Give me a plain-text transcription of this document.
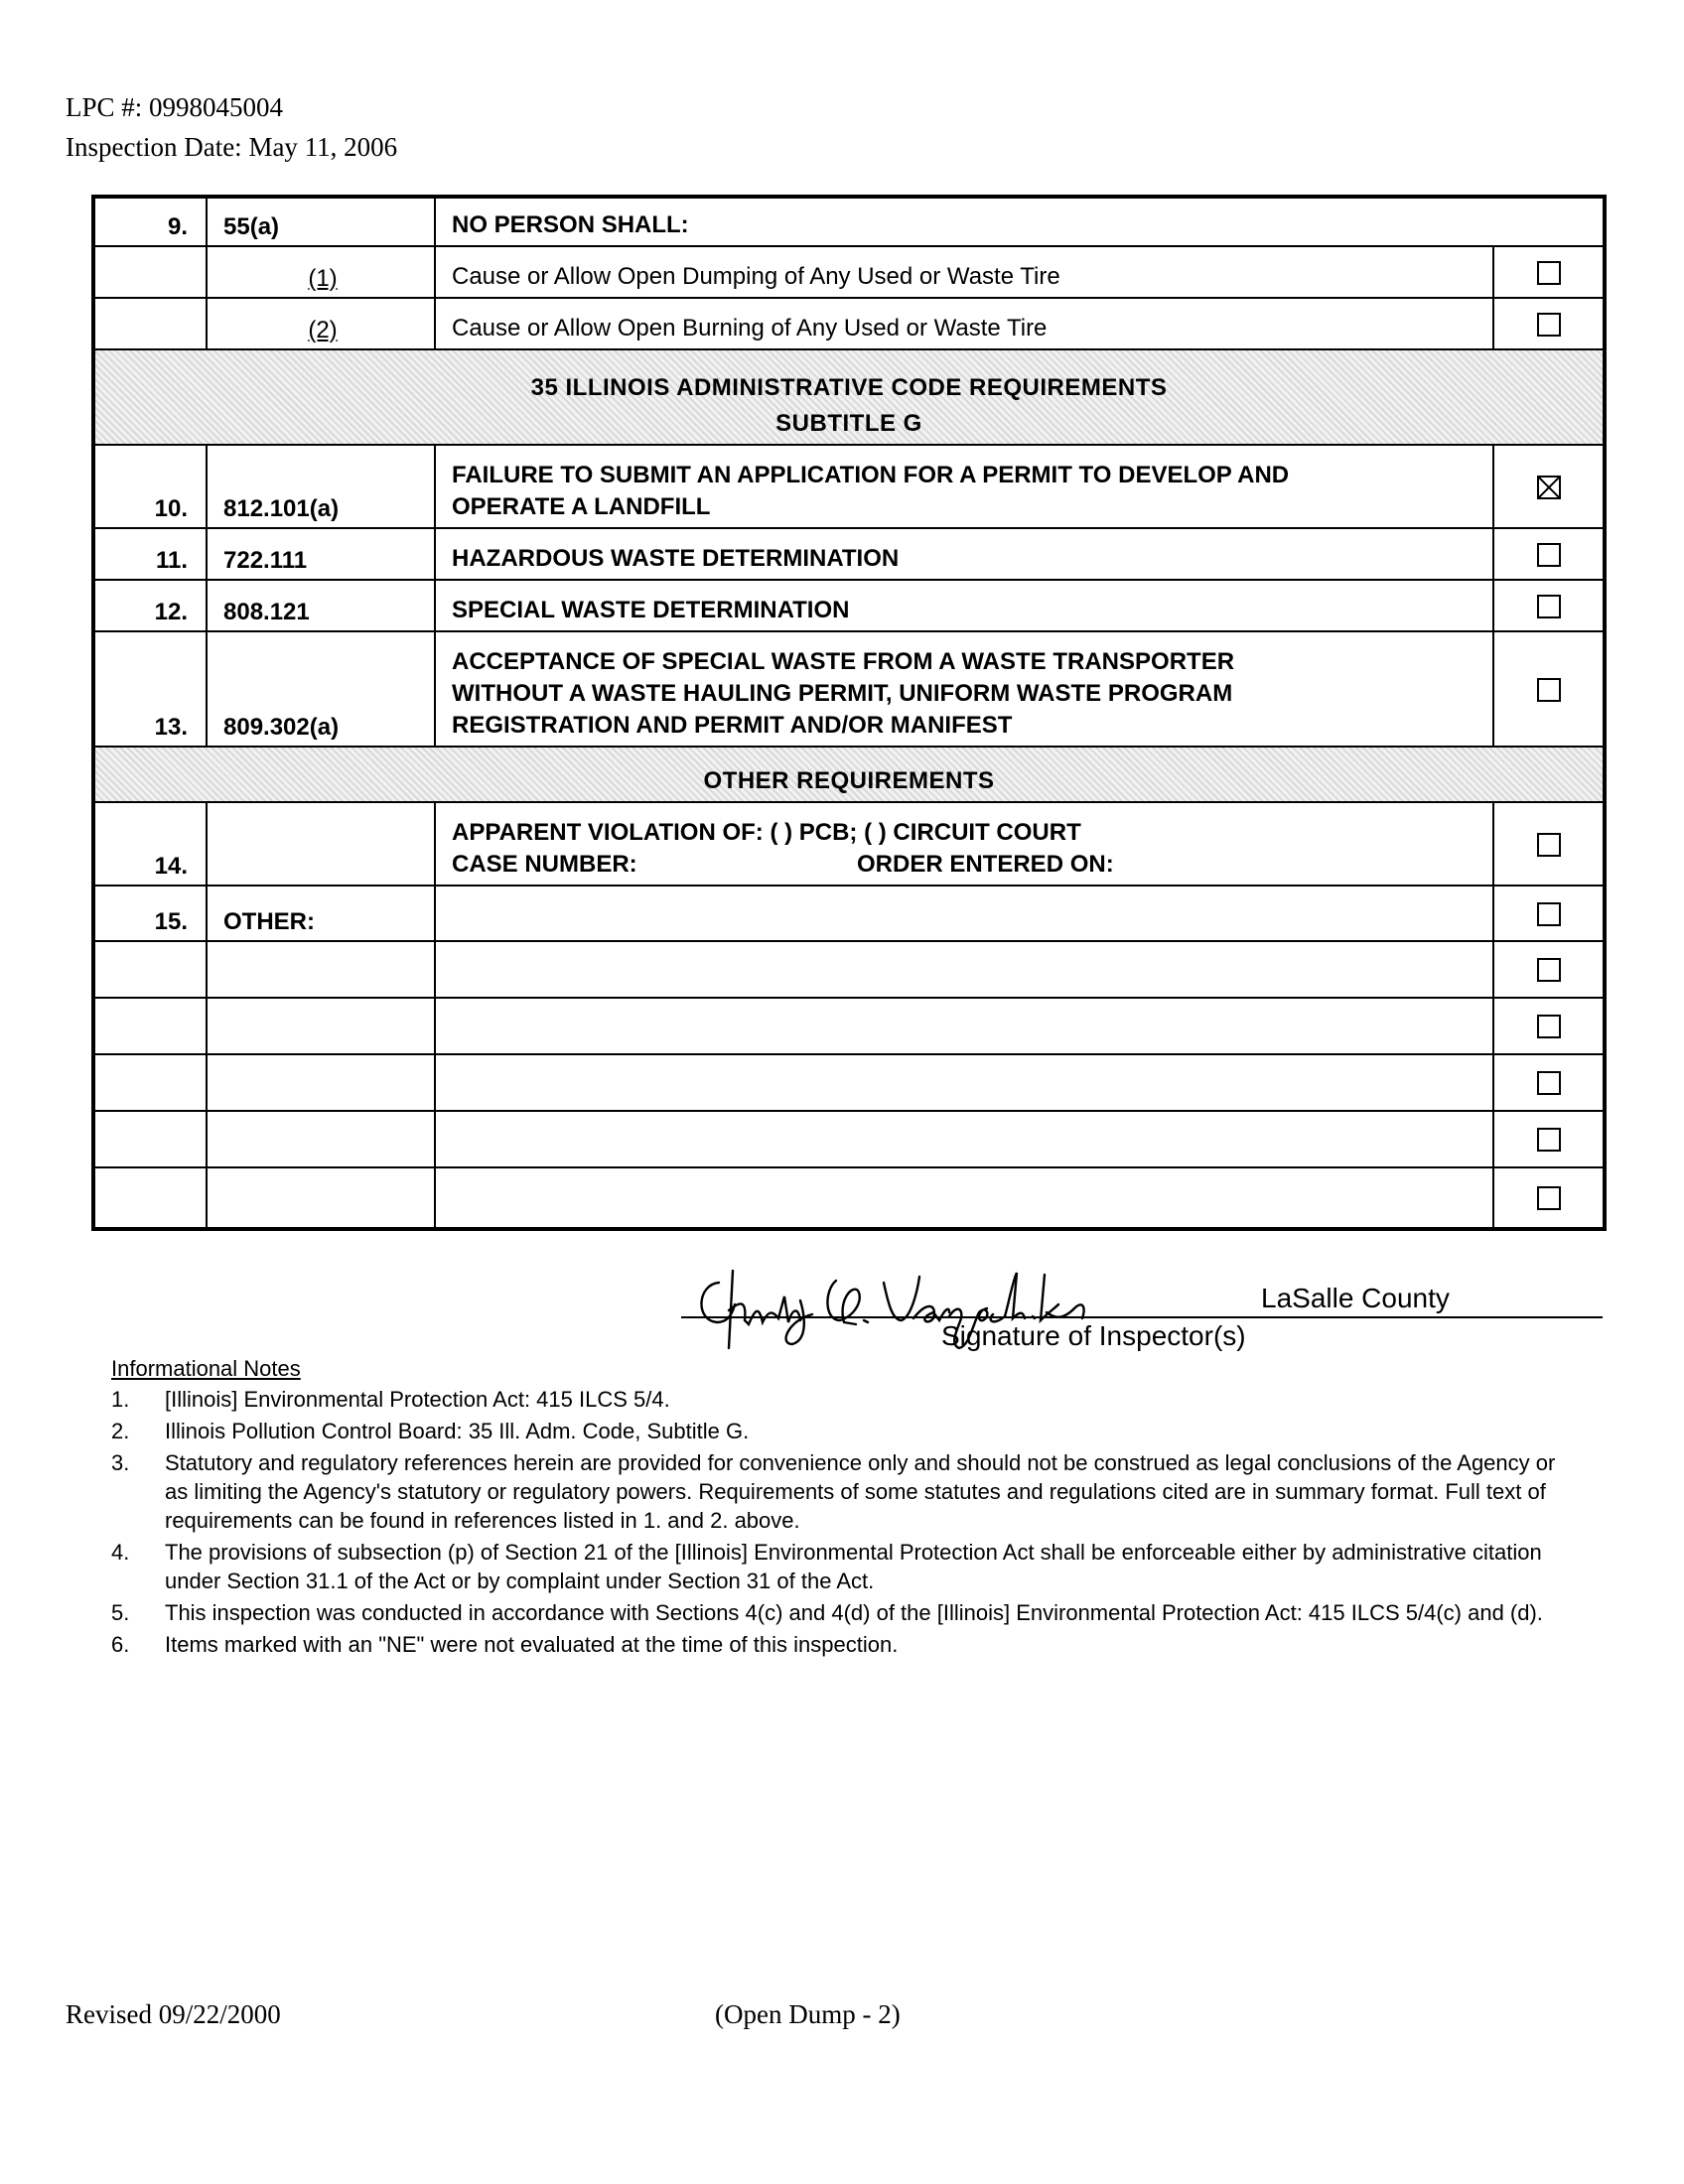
LPC #: 0998045004
Inspection Date: May 11, 2006
9.	55(a)	NO PERSON SHALL:	
	(1)	Cause or Allow Open Dumping of Any Used or Waste Tire	
	(2)	Cause or Allow Open Burning of Any Used or Waste Tire	

35 ILLINOIS ADMINISTRATIVE CODE REQUIREMENTS
SUBTITLE G			

10.	812.101(a)	FAILURE TO SUBMIT AN APPLICATION FOR A PERMIT TO DEVELOP AND
OPERATE A LANDFILL	

11.	722.111	HAZARDOUS WASTE DETERMINATION	
12.	808.121	SPECIAL WASTE DETERMINATION	
13.	809.302(a)	ACCEPTANCE OF SPECIAL WASTE FROM A WASTE TRANSPORTER
WITHOUT A WASTE HAULING PERMIT, UNIFORM WASTE PROGRAM
REGISTRATION AND PERMIT AND/OR MANIFEST	

OTHER REQUIREMENTS			
14.		APPARENT VIOLATION OF: ( ) PCB; ( ) CIRCUIT COURT
CASE NUMBER: ORDER ENTERED ON:	

15.	OTHER:		

LaSalle County
Signature of Inspector(s)
Informational Notes
1. [Illinois] Environmental Protection Act: 415 ILCS 5/4.
2. Illinois Pollution Control Board: 35 Ill. Adm. Code, Subtitle G.
3. Statutory and regulatory references herein are provided for convenience only and should not be construed as legal conclusions of the Agency or as limiting the Agency's statutory or regulatory powers. Requirements of some statutes and regulations cited are in summary format. Full text of requirements can be found in references listed in 1. and 2. above.
4. The provisions of subsection (p) of Section 21 of the [Illinois] Environmental Protection Act shall be enforceable either by administrative citation under Section 31.1 of the Act or by complaint under Section 31 of the Act.
5. This inspection was conducted in accordance with Sections 4(c) and 4(d) of the [Illinois] Environmental Protection Act: 415 ILCS 5/4(c) and (d).
6. Items marked with an "NE" were not evaluated at the time of this inspection.
Revised 09/22/2000	(Open Dump - 2)
